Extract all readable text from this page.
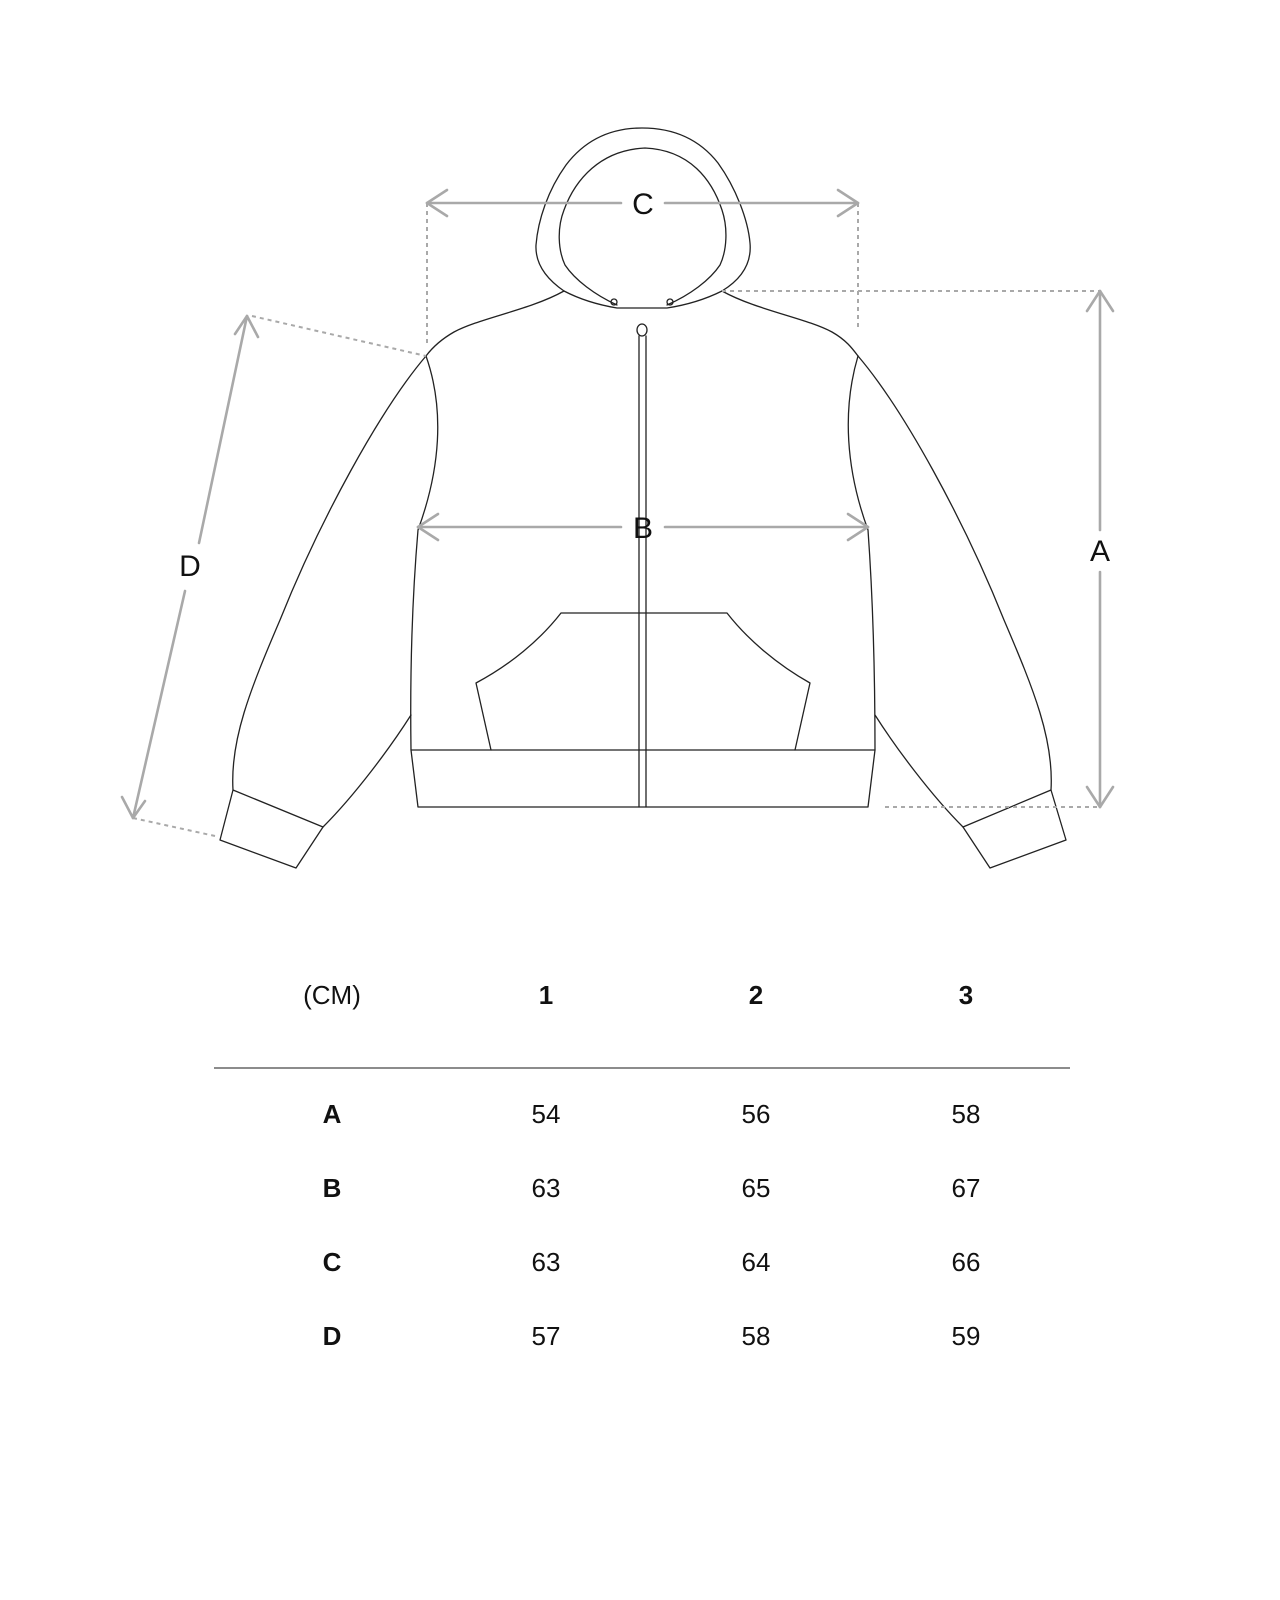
C
B
A
D
(CM)	1	2	3
A	54	56	58
B	63	65	67
C	63	64	66
D	57	58	59
